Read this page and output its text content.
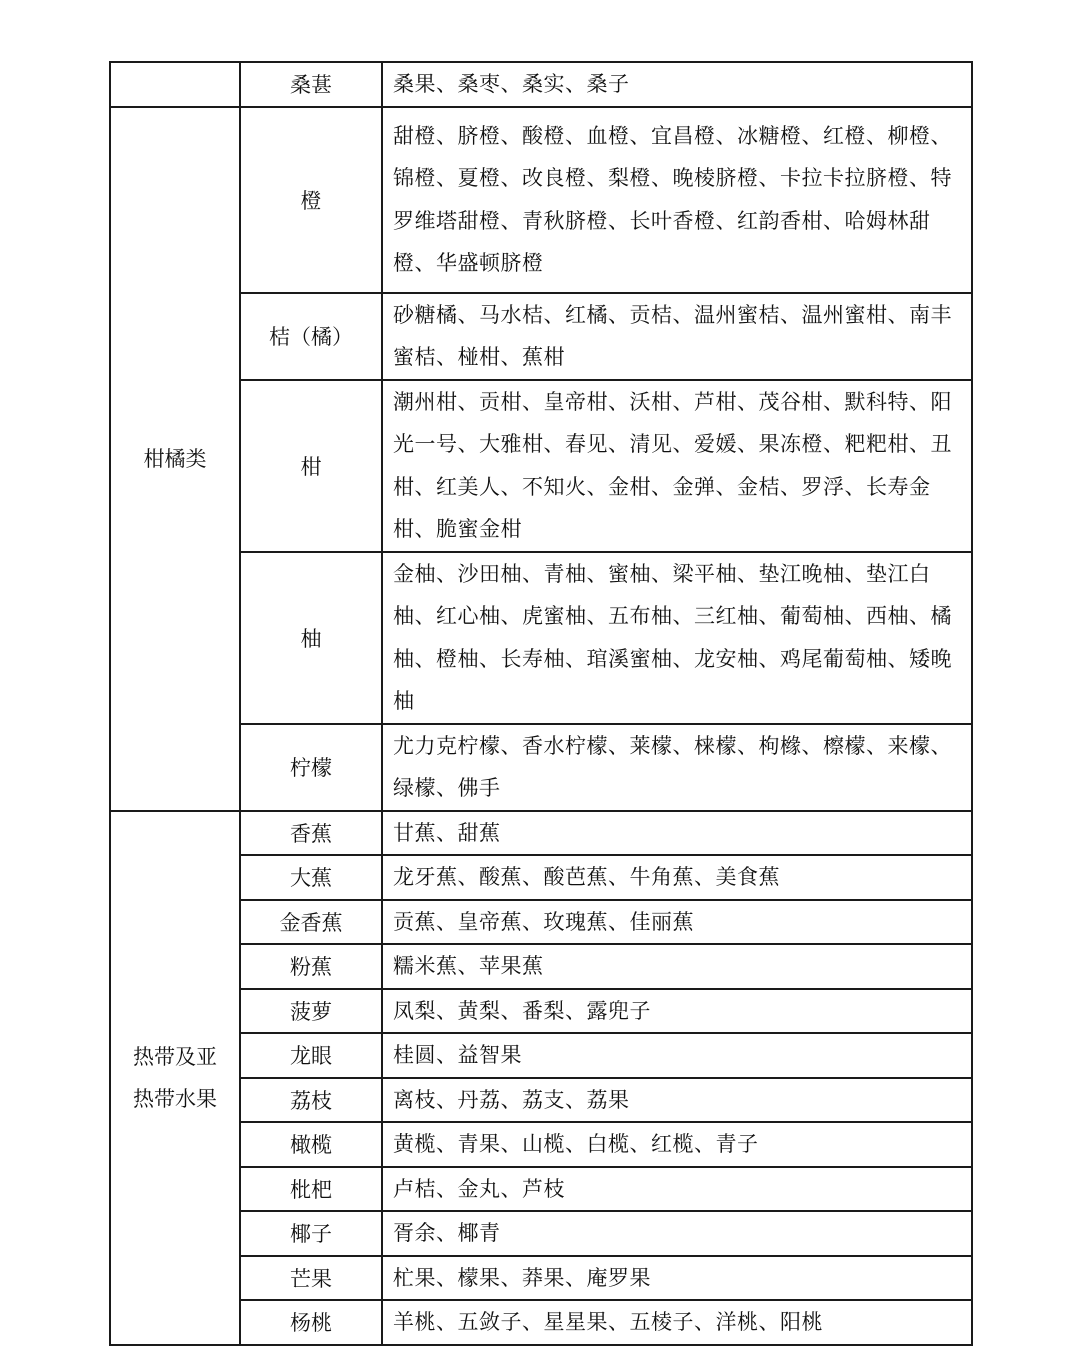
	桑葚	桑果、桑枣、桑实、桑子
柑橘类	橙	甜橙、脐橙、酸橙、血橙、宜昌橙、冰糖橙、红橙、柳橙、锦橙、夏橙、改良橙、梨橙、晚棱脐橙、卡拉卡拉脐橙、特罗维塔甜橙、青秋脐橙、长叶香橙、红韵香柑、哈姆林甜橙、华盛顿脐橙
	桔（橘）	砂糖橘、马水桔、红橘、贡桔、温州蜜桔、温州蜜柑、南丰蜜桔、椪柑、蕉柑
	柑	潮州柑、贡柑、皇帝柑、沃柑、芦柑、茂谷柑、默科特、阳光一号、大雅柑、春见、清见、爱媛、果冻橙、粑粑柑、丑柑、红美人、不知火、金柑、金弹、金桔、罗浮、长寿金柑、脆蜜金柑
	柚	金柚、沙田柚、青柚、蜜柚、梁平柚、垫江晚柚、垫江白柚、红心柚、虎蜜柚、五布柚、三红柚、葡萄柚、西柚、橘柚、橙柚、长寿柚、琯溪蜜柚、龙安柚、鸡尾葡萄柚、矮晚柚
	柠檬	尤力克柠檬、香水柠檬、莱檬、梾檬、枸橼、檫檬、来檬、绿檬、佛手

热带及亚热带水果	香蕉	甘蕉、甜蕉
	大蕉	龙牙蕉、酸蕉、酸芭蕉、牛角蕉、美食蕉
	金香蕉	贡蕉、皇帝蕉、玫瑰蕉、佳丽蕉
	粉蕉	糯米蕉、苹果蕉
	菠萝	凤梨、黄梨、番梨、露兜子
	龙眼	桂圆、益智果
	荔枝	离枝、丹荔、荔支、荔果
	橄榄	黄榄、青果、山榄、白榄、红榄、青子
	枇杷	卢桔、金丸、芦枝
	椰子	胥余、椰青
	芒果	杧果、檬果、莽果、庵罗果
	杨桃	羊桃、五敛子、星星果、五棱子、洋桃、阳桃
